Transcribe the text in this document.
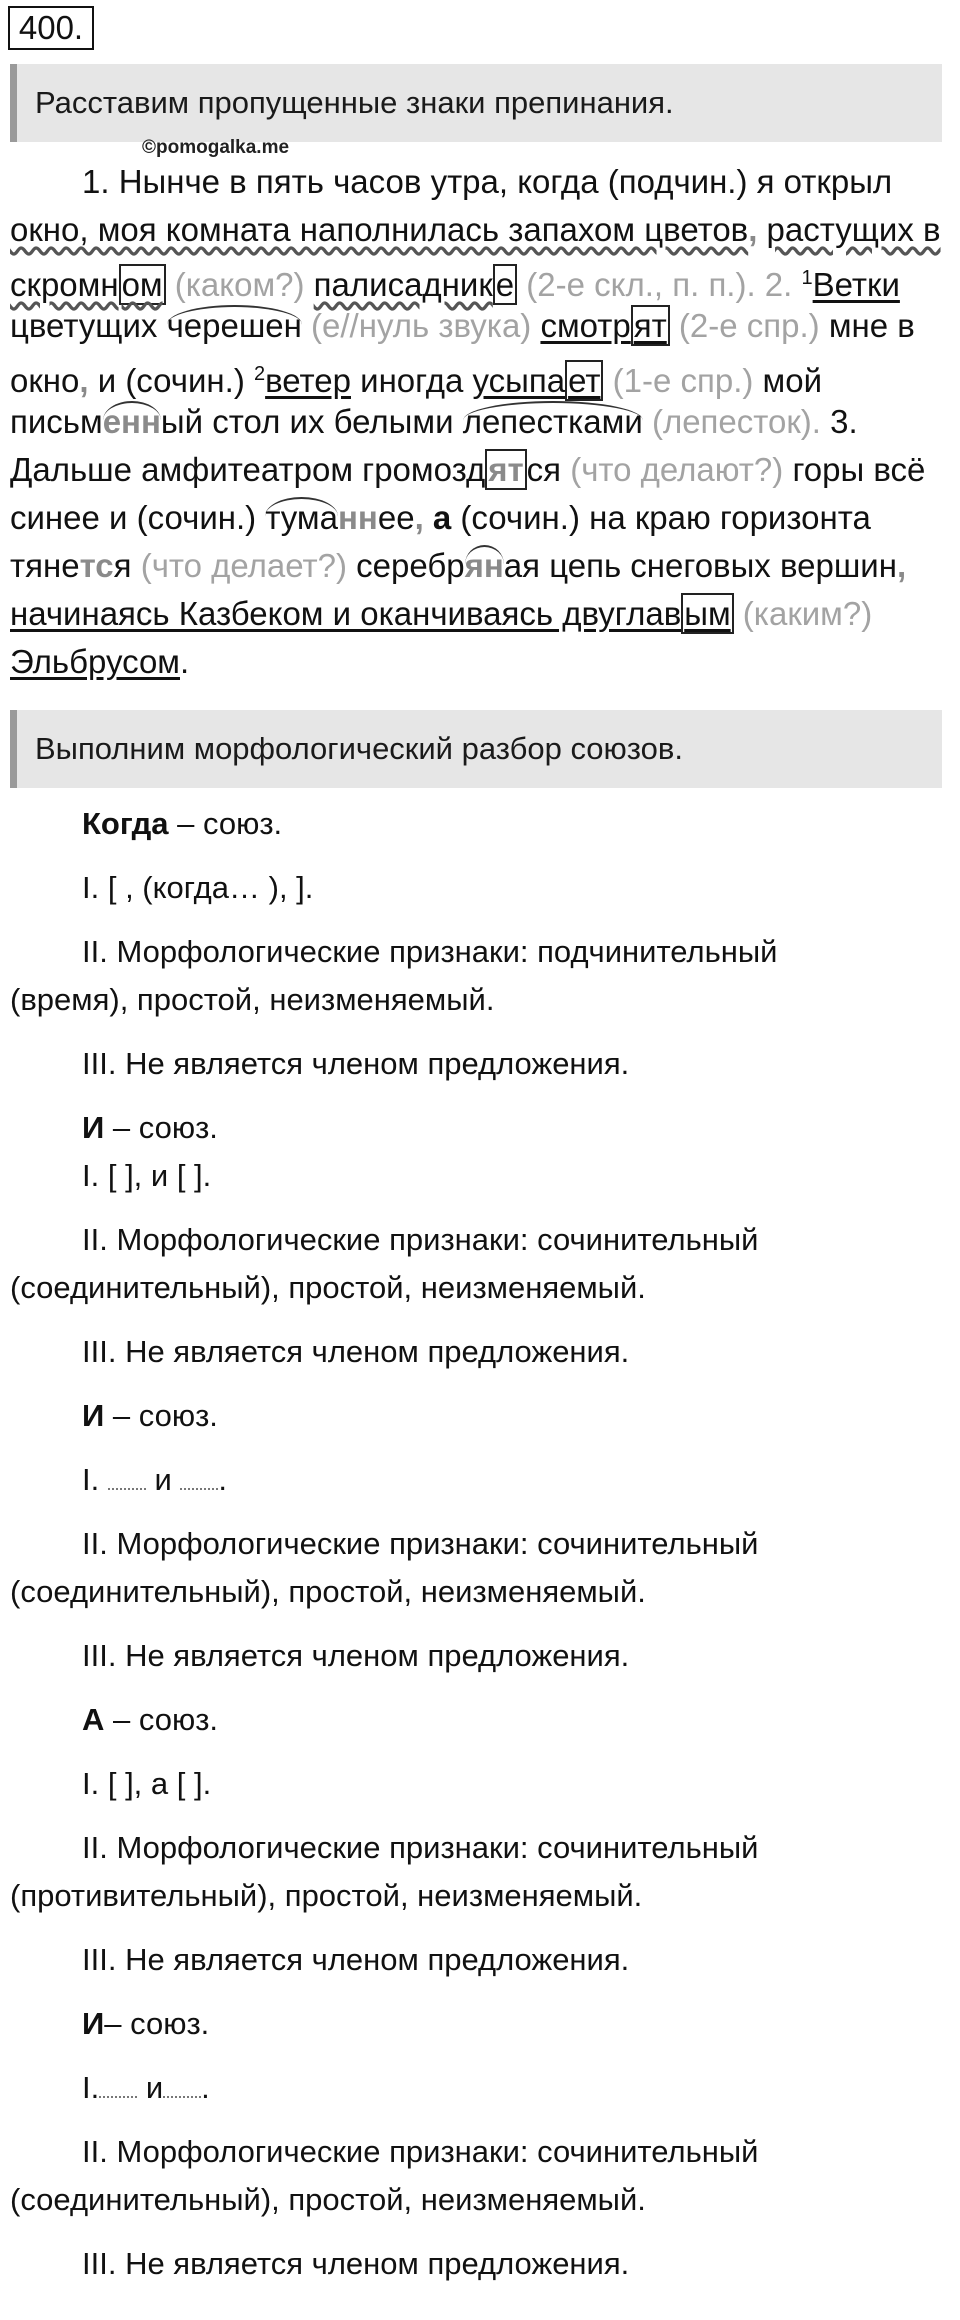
400.
Расставим пропущенные знаки препинания.
©pomogalka.me
1. Нынче в пять часов утра, когда (подчин.) я открыл
окно, моя комната наполнилась запахом цветов, растущих в
скромном (каком?) палисаднике (2-е скл., п. п.). 2. $^1$Ветки
цветущих черешен (е//нуль звука) смотрят (2-е спр.) мне в
окно, и (сочин.) $^2$ветер иногда усыпает (1-е спр.) мой
письменный стол их белыми лепестками (лепесток). 3.
Дальше амфитеатром громоздятся (что делают?) горы всё
синее и (сочин.) туманнее, а (сочин.) на краю горизонта
тянется (что делает?) серебряная цепь снеговых вершин,
начинаясь Казбеком и оканчиваясь двуглавым (каким?)
Эльбрусом.
Выполним морфологический разбор союзов.

Когда – союз.

I. [ , (когда… ), ].

II. Морфологические признаки: подчинительный

(время), простой, неизменяемый.

III. Не является членом предложения.

И – союз.

I. [ ], и [ ].

II. Морфологические признаки: сочинительный

(соединительный), простой, неизменяемый.

III. Не является членом предложения.

И – союз.

I.  и .

II. Морфологические признаки: сочинительный

(соединительный), простой, неизменяемый.

III. Не является членом предложения.

А – союз.

I. [ ], а [ ].

II. Морфологические признаки: сочинительный

(противительный), простой, неизменяемый.

III. Не является членом предложения.

И– союз.

I. и .

II. Морфологические признаки: сочинительный

(соединительный), простой, неизменяемый.

III. Не является членом предложения.
